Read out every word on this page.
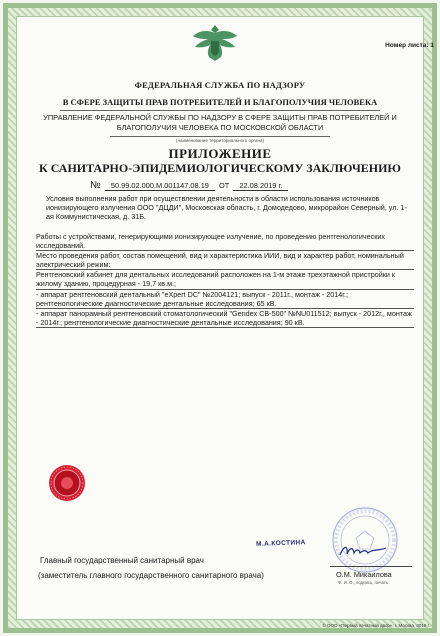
Номер листа: 1
ФЕДЕРАЛЬНАЯ СЛУЖБА ПО НАДЗОРУ
В СФЕРЕ ЗАЩИТЫ ПРАВ ПОТРЕБИТЕЛЕЙ И БЛАГОПОЛУЧИЯ ЧЕЛОВЕКА
УПРАВЛЕНИЕ ФЕДЕРАЛЬНОЙ СЛУЖБЫ ПО НАДЗОРУ В СФЕРЕ ЗАЩИТЫ ПРАВ ПОТРЕБИТЕЛЕЙ И БЛАГОПОЛУЧИЯ ЧЕЛОВЕКА ПО МОСКОВСКОЙ ОБЛАСТИ
(наименование территориального органа)
ПРИЛОЖЕНИЕ
К САНИТАРНО-ЭПИДЕМИОЛОГИЧЕСКОМУ ЗАКЛЮЧЕНИЮ
№ 50.99.02.000.М.001147.08.19 ОТ 22.08.2019 г.
Условия выполнения работ при осуществлении деятельности в области использования источников ионизирующего излучения ООО "ДЦДИ", Московская область, г. Домодедово, микрорайон Северный, ул. 1-ая Коммунистическая, д. 31Б.
Работы с устройствами, генерирующими ионизирующее излучение, по проведению рентгенологических исследований.
Место проведения работ, состав помещений, вид и характеристика ИИИ, вид и характер работ, номинальный электрический режим:
Рентгеновский кабинет для дентальных исследований расположен на 1-м этаже трехэтажной пристройки к жилому зданию, процедурная - 19,7 кв.м.;
- аппарат рентгеновский дентальный "eXpert DC" №2004121; выпуск - 2011г., монтаж - 2014г.; рентгенологические диагностические дентальные исследования; 65 кВ.
- аппарат панорамный рентгеновский стоматологический "Gendex CB-500" №NU011512; выпуск - 2012г., монтаж - 2014г.; рентгенологические диагностические дентальные исследования; 90 кВ.
М.А.КОСТИНА
Главный государственный санитарный врач
(заместитель главного государственного санитарного врача)	О.М. Микаилова
Ф. И. О., подпись, печать
© ООО «Первый печатный двор», г. Москва, 2019 г.
